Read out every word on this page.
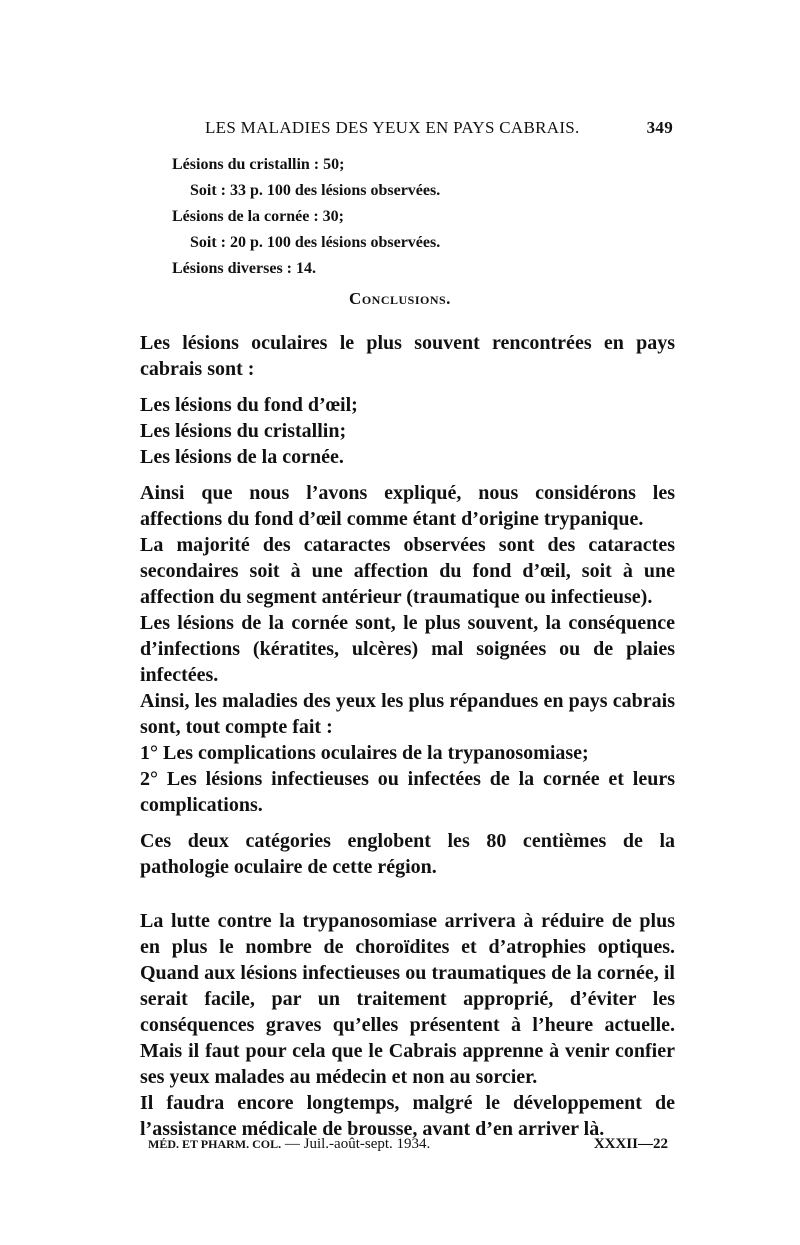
LES MALADIES DES YEUX EN PAYS CABRAIS.	349
Lésions du cristallin : 50;
Soit : 33 p. 100 des lésions observées.
Lésions de la cornée : 30;
Soit : 20 p. 100 des lésions observées.
Lésions diverses : 14.
Conclusions.

Les lésions oculaires le plus souvent rencontrées en pays cabrais sont :

Les lésions du fond d’œil;

Les lésions du cristallin;

Les lésions de la cornée.

Ainsi que nous l’avons expliqué, nous considérons les affections du fond d’œil comme étant d’origine trypanique.

La majorité des cataractes observées sont des cataractes secondaires soit à une affection du fond d’œil, soit à une affection du segment antérieur (traumatique ou infectieuse).

Les lésions de la cornée sont, le plus souvent, la conséquence d’infections (kératites, ulcères) mal soignées ou de plaies infectées.

Ainsi, les maladies des yeux les plus répandues en pays cabrais sont, tout compte fait :

1° Les complications oculaires de la trypanosomiase;

2° Les lésions infectieuses ou infectées de la cornée et leurs complications.

Ces deux catégories englobent les 80 centièmes de la pathologie oculaire de cette région.

La lutte contre la trypanosomiase arrivera à réduire de plus en plus le nombre de choroïdites et d’atrophies optiques. Quand aux lésions infectieuses ou traumatiques de la cornée, il serait facile, par un traitement approprié, d’éviter les conséquences graves qu’elles présentent à l’heure actuelle. Mais il faut pour cela que le Cabrais apprenne à venir confier ses yeux malades au médecin et non au sorcier.

Il faudra encore longtemps, malgré le développement de l’assistance médicale de brousse, avant d’en arriver là.

MÉD. ET PHARM. COL. — Juil.-août-sept. 1934.	XXXII—22
